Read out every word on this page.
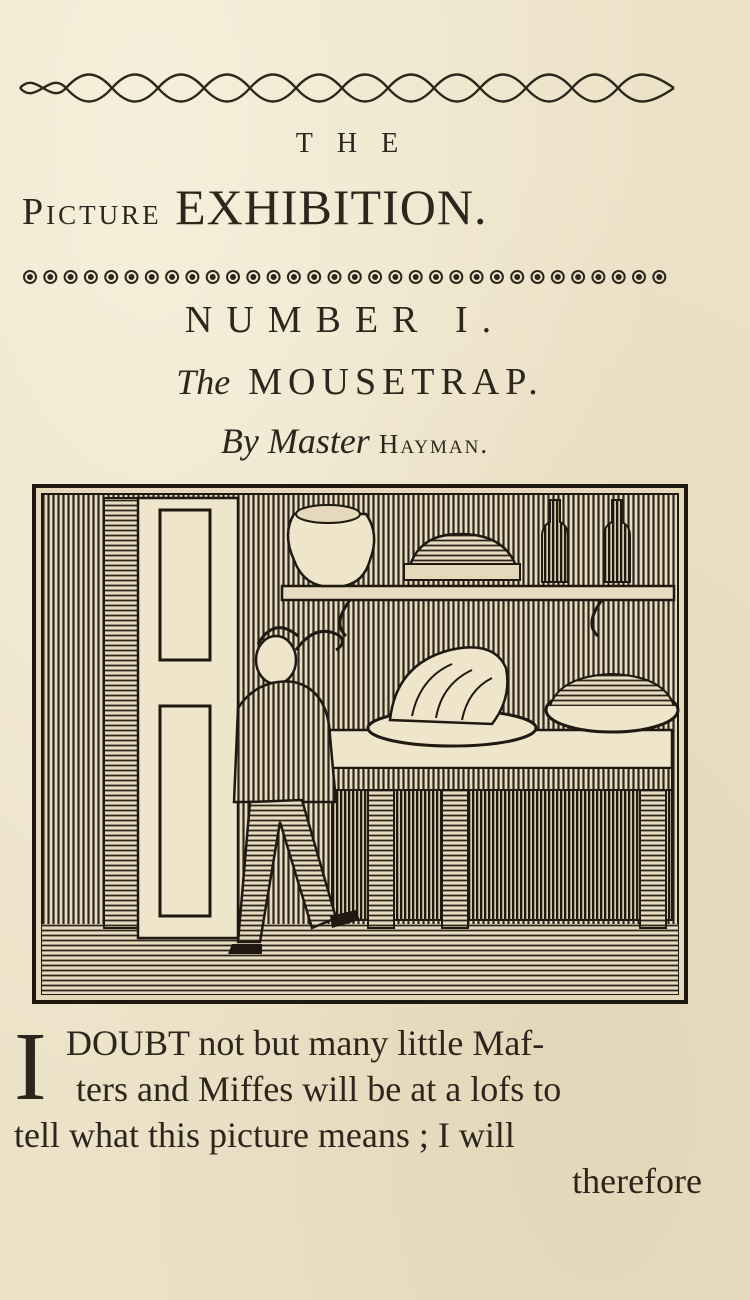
THE
Picture EXHIBITION.
NUMBER I.
The MOUSETRAP.
By Master Hayman.
I DOUBT not but many little Maf-
ters and Miffes will be at a lofs to
tell what this picture means ; I will
therefore
